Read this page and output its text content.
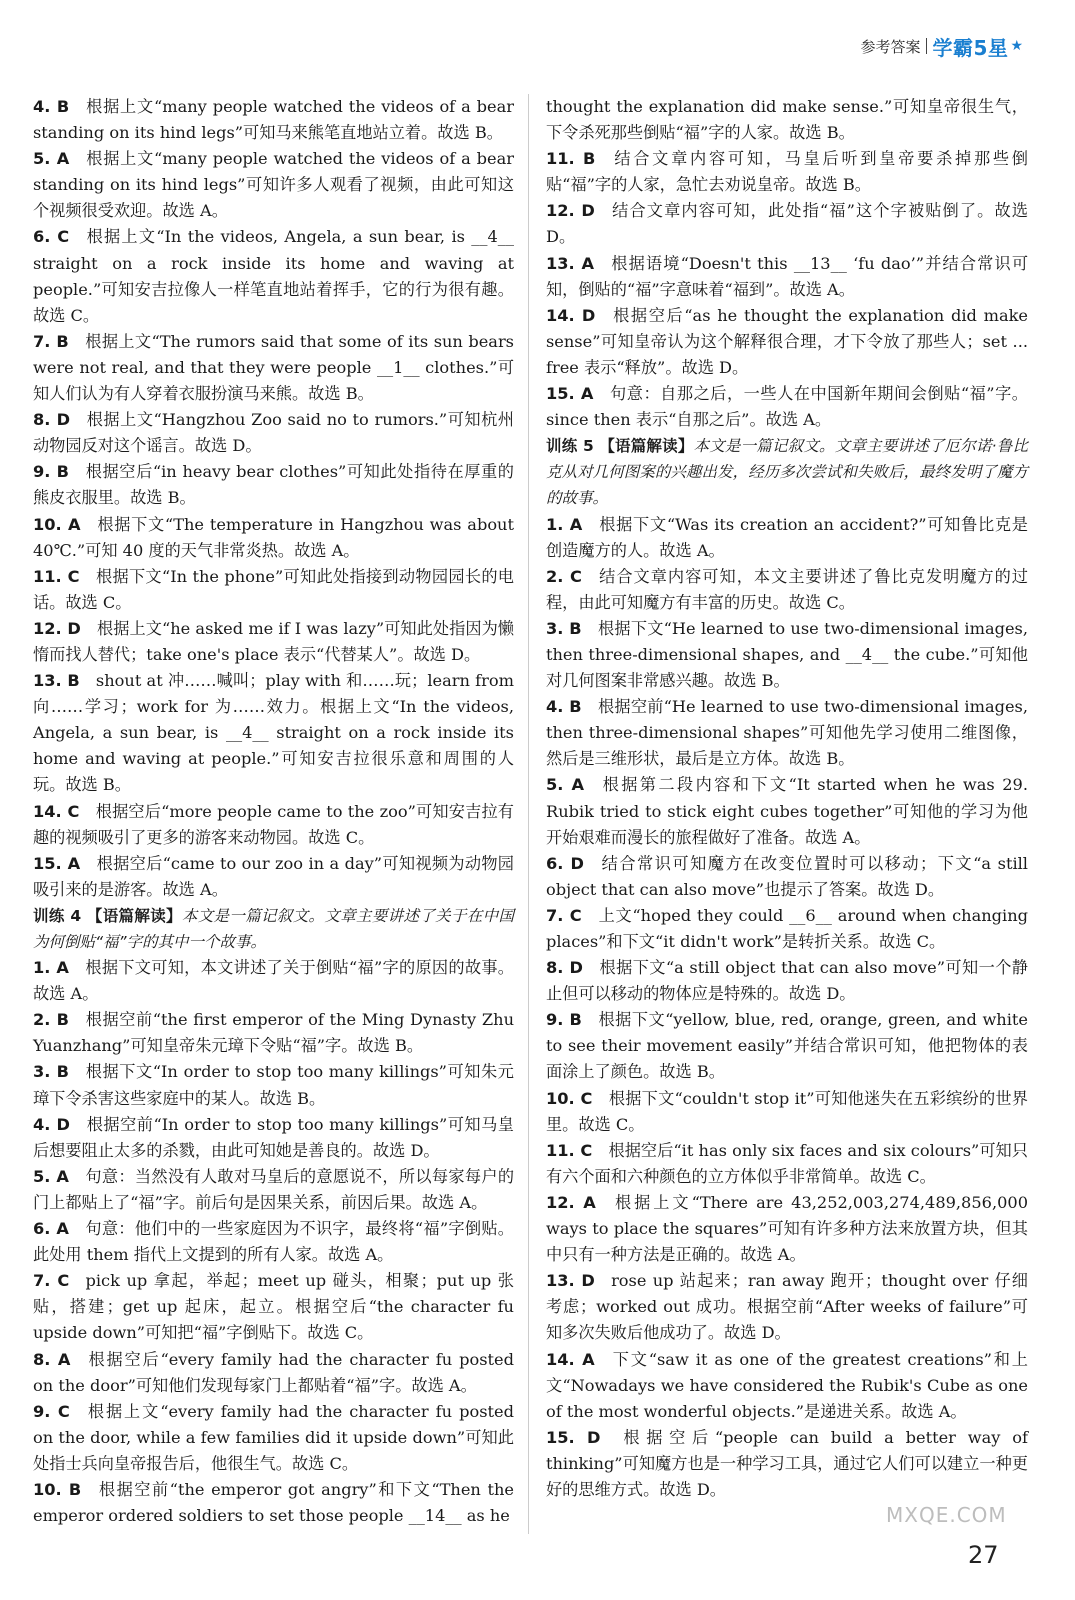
参考答案 学霸5星 ★

4. B  根据上文“many people watched the videos of a bear standing on its hind legs”可知马来熊笔直地站立着。故选 B。

5. A  根据上文“many people watched the videos of a bear standing on its hind legs”可知许多人观看了视频，由此可知这个视频很受欢迎。故选 A。

6. C  根据上文“In the videos, Angela, a sun bear, is __4__ straight on a rock inside its home and waving at people.”可知安吉拉像人一样笔直地站着挥手，它的行为很有趣。故选 C。

7. B  根据上文“The rumors said that some of its sun bears were not real, and that they were people __1__ clothes.”可知人们认为有人穿着衣服扮演马来熊。故选 B。

8. D  根据上文“Hangzhou Zoo said no to rumors.”可知杭州动物园反对这个谣言。故选 D。

9. B  根据空后“in heavy bear clothes”可知此处指待在厚重的熊皮衣服里。故选 B。

10. A  根据下文“The temperature in Hangzhou was about 40℃.”可知 40 度的天气非常炎热。故选 A。

11. C  根据下文“In the phone”可知此处指接到动物园园长的电话。故选 C。

12. D  根据上文“he asked me if I was lazy”可知此处指因为懒惰而找人替代；take one's place 表示“代替某人”。故选 D。

13. B  shout at 冲……喊叫；play with 和……玩；learn from 向……学习；work for 为……效力。根据上文“In the videos, Angela, a sun bear, is __4__ straight on a rock inside its home and waving at people.”可知安吉拉很乐意和周围的人玩。故选 B。

14. C  根据空后“more people came to the zoo”可知安吉拉有趣的视频吸引了更多的游客来动物园。故选 C。

15. A  根据空后“came to our zoo in a day”可知视频为动物园吸引来的是游客。故选 A。

训练 4 【语篇解读】本文是一篇记叙文。文章主要讲述了关于在中国为何倒贴“福”字的其中一个故事。

1. A  根据下文可知，本文讲述了关于倒贴“福”字的原因的故事。故选 A。

2. B  根据空前“the first emperor of the Ming Dynasty Zhu Yuanzhang”可知皇帝朱元璋下令贴“福”字。故选 B。

3. B  根据下文“In order to stop too many killings”可知朱元璋下令杀害这些家庭中的某人。故选 B。

4. D  根据空前“In order to stop too many killings”可知马皇后想要阻止太多的杀戮，由此可知她是善良的。故选 D。

5. A  句意：当然没有人敢对马皇后的意愿说不，所以每家每户的门上都贴上了“福”字。前后句是因果关系，前因后果。故选 A。

6. A  句意：他们中的一些家庭因为不识字，最终将“福”字倒贴。此处用 them 指代上文提到的所有人家。故选 A。

7. C  pick up 拿起，举起；meet up 碰头，相聚；put up 张贴，搭建；get up 起床，起立。根据空后“the character fu upside down”可知把“福”字倒贴下。故选 C。

8. A  根据空后“every family had the character fu posted on the door”可知他们发现每家门上都贴着“福”字。故选 A。

9. C  根据上文“every family had the character fu posted on the door, while a few families did it upside down”可知此处指士兵向皇帝报告后，他很生气。故选 C。

10. B  根据空前“the emperor got angry”和下文“Then the emperor ordered soldiers to set those people __14__ as he

thought the explanation did make sense.”可知皇帝很生气，下令杀死那些倒贴“福”字的人家。故选 B。

11. B  结合文章内容可知，马皇后听到皇帝要杀掉那些倒贴“福”字的人家，急忙去劝说皇帝。故选 B。

12. D  结合文章内容可知，此处指“福”这个字被贴倒了。故选 D。

13. A  根据语境“Doesn't this __13__ ‘fu dao’”并结合常识可知，倒贴的“福”字意味着“福到”。故选 A。

14. D  根据空后“as he thought the explanation did make sense”可知皇帝认为这个解释很合理，才下令放了那些人；set ... free 表示“释放”。故选 D。

15. A  句意：自那之后，一些人在中国新年期间会倒贴“福”字。since then 表示“自那之后”。故选 A。

训练 5 【语篇解读】本文是一篇记叙文。文章主要讲述了厄尔诺·鲁比克从对几何图案的兴趣出发，经历多次尝试和失败后，最终发明了魔方的故事。

1. A  根据下文“Was its creation an accident?”可知鲁比克是创造魔方的人。故选 A。

2. C  结合文章内容可知，本文主要讲述了鲁比克发明魔方的过程，由此可知魔方有丰富的历史。故选 C。

3. B  根据下文“He learned to use two-dimensional images, then three-dimensional shapes, and __4__ the cube.”可知他对几何图案非常感兴趣。故选 B。

4. B  根据空前“He learned to use two-dimensional images, then three-dimensional shapes”可知他先学习使用二维图像，然后是三维形状，最后是立方体。故选 B。

5. A  根据第二段内容和下文“It started when he was 29. Rubik tried to stick eight cubes together”可知他的学习为他开始艰难而漫长的旅程做好了准备。故选 A。

6. D  结合常识可知魔方在改变位置时可以移动；下文“a still object that can also move”也提示了答案。故选 D。

7. C  上文“hoped they could __6__ around when changing places”和下文“it didn't work”是转折关系。故选 C。

8. D  根据下文“a still object that can also move”可知一个静止但可以移动的物体应是特殊的。故选 D。

9. B  根据下文“yellow, blue, red, orange, green, and white to see their movement easily”并结合常识可知，他把物体的表面涂上了颜色。故选 B。

10. C  根据下文“couldn't stop it”可知他迷失在五彩缤纷的世界里。故选 C。

11. C  根据空后“it has only six faces and six colours”可知只有六个面和六种颜色的立方体似乎非常简单。故选 C。

12. A  根据上文“There are 43,252,003,274,489,856,000 ways to place the squares”可知有许多种方法来放置方块，但其中只有一种方法是正确的。故选 A。

13. D  rose up 站起来；ran away 跑开；thought over 仔细考虑；worked out 成功。根据空前“After weeks of failure”可知多次失败后他成功了。故选 D。

14. A  下文“saw it as one of the greatest creations”和上文“Nowadays we have considered the Rubik's Cube as one of the most wonderful objects.”是递进关系。故选 A。

15. D  根据空后“people can build a better way of thinking”可知魔方也是一种学习工具，通过它人们可以建立一种更好的思维方式。故选 D。

MXQE.COM
27
